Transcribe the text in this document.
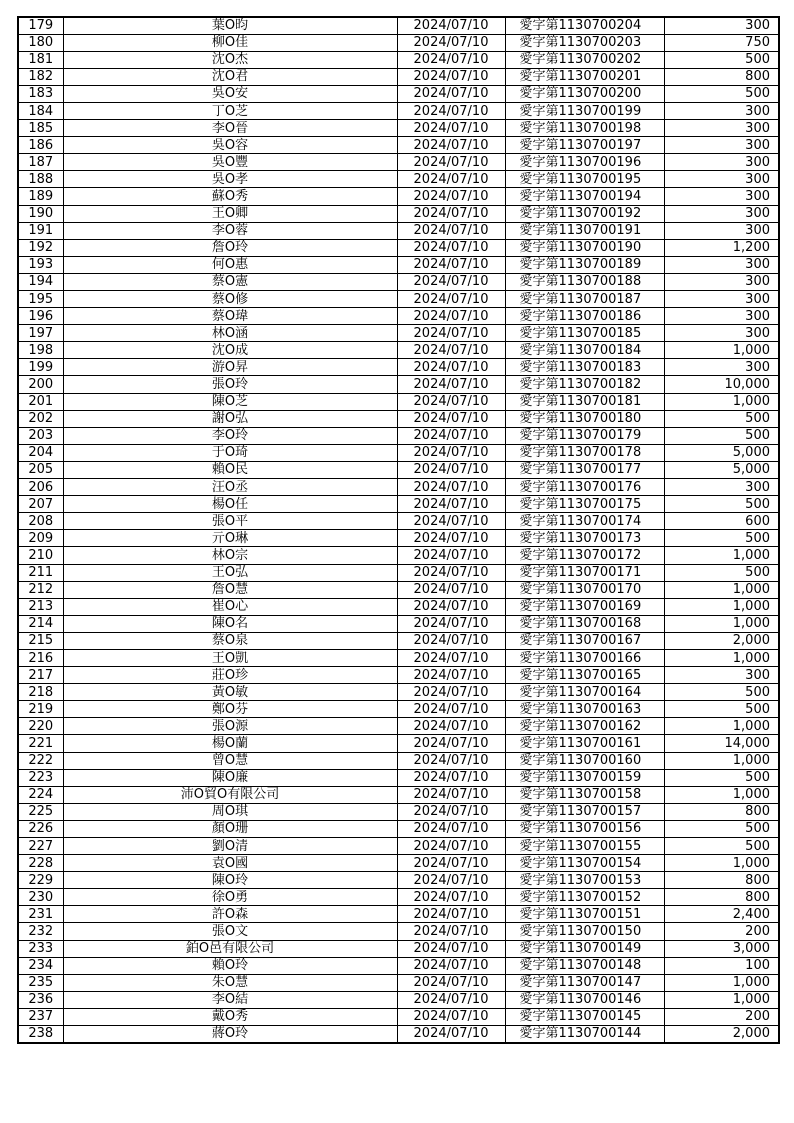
179	葉O昀	2024/07/10	愛字第1130700204	300
180	柳O佳	2024/07/10	愛字第1130700203	750
181	沈O杰	2024/07/10	愛字第1130700202	500
182	沈O君	2024/07/10	愛字第1130700201	800
183	吳O安	2024/07/10	愛字第1130700200	500
184	丁O芝	2024/07/10	愛字第1130700199	300
185	李O晉	2024/07/10	愛字第1130700198	300
186	吳O容	2024/07/10	愛字第1130700197	300
187	吳O豐	2024/07/10	愛字第1130700196	300
188	吳O孝	2024/07/10	愛字第1130700195	300
189	蘇O秀	2024/07/10	愛字第1130700194	300
190	王O卿	2024/07/10	愛字第1130700192	300
191	李O蓉	2024/07/10	愛字第1130700191	300
192	詹O玲	2024/07/10	愛字第1130700190	1,200
193	何O惠	2024/07/10	愛字第1130700189	300
194	蔡O憲	2024/07/10	愛字第1130700188	300
195	蔡O修	2024/07/10	愛字第1130700187	300
196	蔡O瑋	2024/07/10	愛字第1130700186	300
197	林O涵	2024/07/10	愛字第1130700185	300
198	沈O成	2024/07/10	愛字第1130700184	1,000
199	游O昇	2024/07/10	愛字第1130700183	300
200	張O玲	2024/07/10	愛字第1130700182	10,000
201	陳O芝	2024/07/10	愛字第1130700181	1,000
202	謝O弘	2024/07/10	愛字第1130700180	500
203	李O玲	2024/07/10	愛字第1130700179	500
204	于O琦	2024/07/10	愛字第1130700178	5,000
205	賴O民	2024/07/10	愛字第1130700177	5,000
206	汪O丞	2024/07/10	愛字第1130700176	300
207	楊O任	2024/07/10	愛字第1130700175	500
208	張O平	2024/07/10	愛字第1130700174	600
209	亓O琳	2024/07/10	愛字第1130700173	500
210	林O宗	2024/07/10	愛字第1130700172	1,000
211	王O弘	2024/07/10	愛字第1130700171	500
212	詹O慧	2024/07/10	愛字第1130700170	1,000
213	崔O心	2024/07/10	愛字第1130700169	1,000
214	陳O名	2024/07/10	愛字第1130700168	1,000
215	蔡O泉	2024/07/10	愛字第1130700167	2,000
216	王O凱	2024/07/10	愛字第1130700166	1,000
217	莊O珍	2024/07/10	愛字第1130700165	300
218	黃O敏	2024/07/10	愛字第1130700164	500
219	鄭O芬	2024/07/10	愛字第1130700163	500
220	張O源	2024/07/10	愛字第1130700162	1,000
221	楊O蘭	2024/07/10	愛字第1130700161	14,000
222	曾O慧	2024/07/10	愛字第1130700160	1,000
223	陳O廉	2024/07/10	愛字第1130700159	500
224	沛O貿O有限公司	2024/07/10	愛字第1130700158	1,000
225	周O琪	2024/07/10	愛字第1130700157	800
226	顏O珊	2024/07/10	愛字第1130700156	500
227	劉O清	2024/07/10	愛字第1130700155	500
228	袁O國	2024/07/10	愛字第1130700154	1,000
229	陳O玲	2024/07/10	愛字第1130700153	800
230	徐O勇	2024/07/10	愛字第1130700152	800
231	許O森	2024/07/10	愛字第1130700151	2,400
232	張O文	2024/07/10	愛字第1130700150	200
233	鉑O邑有限公司	2024/07/10	愛字第1130700149	3,000
234	賴O玲	2024/07/10	愛字第1130700148	100
235	朱O慧	2024/07/10	愛字第1130700147	1,000
236	李O結	2024/07/10	愛字第1130700146	1,000
237	戴O秀	2024/07/10	愛字第1130700145	200
238	蔣O玲	2024/07/10	愛字第1130700144	2,000
